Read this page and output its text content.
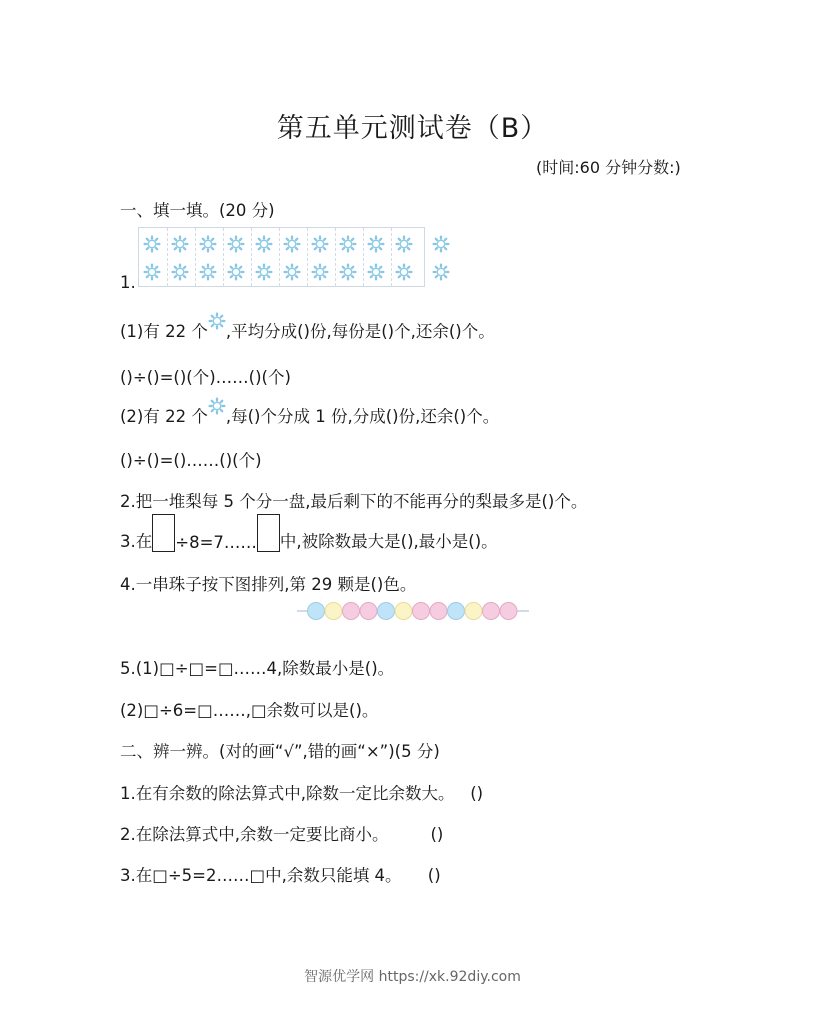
第五单元测试卷（B）
(时间:60 分钟分数:)
一、填一填。(20 分)
1.
(1)有 22 个 ,平均分成()份,每份是()个,还余()个。
()÷()=()(个)……()(个)
(2)有 22 个 ,每()个分成 1 份,分成()份,还余()个。
()÷()=()……()(个)
2.把一堆梨每 5 个分一盘,最后剩下的不能再分的梨最多是()个。
3.在 ÷8=7…… 中,被除数最大是(),最小是()。
4.一串珠子按下图排列,第 29 颗是()色。
5.(1)□÷□=□……4,除数最小是()。
(2)□÷6=□……,□余数可以是()。
二、辨一辨。(对的画“√”,错的画“×”)(5 分)
1.在有余数的除法算式中,除数一定比余数大。   ()
2.在除法算式中,余数一定要比商小。        ()
3.在□÷5=2……□中,余数只能填 4。     ()
智源优学网 https://xk.92diy.com
